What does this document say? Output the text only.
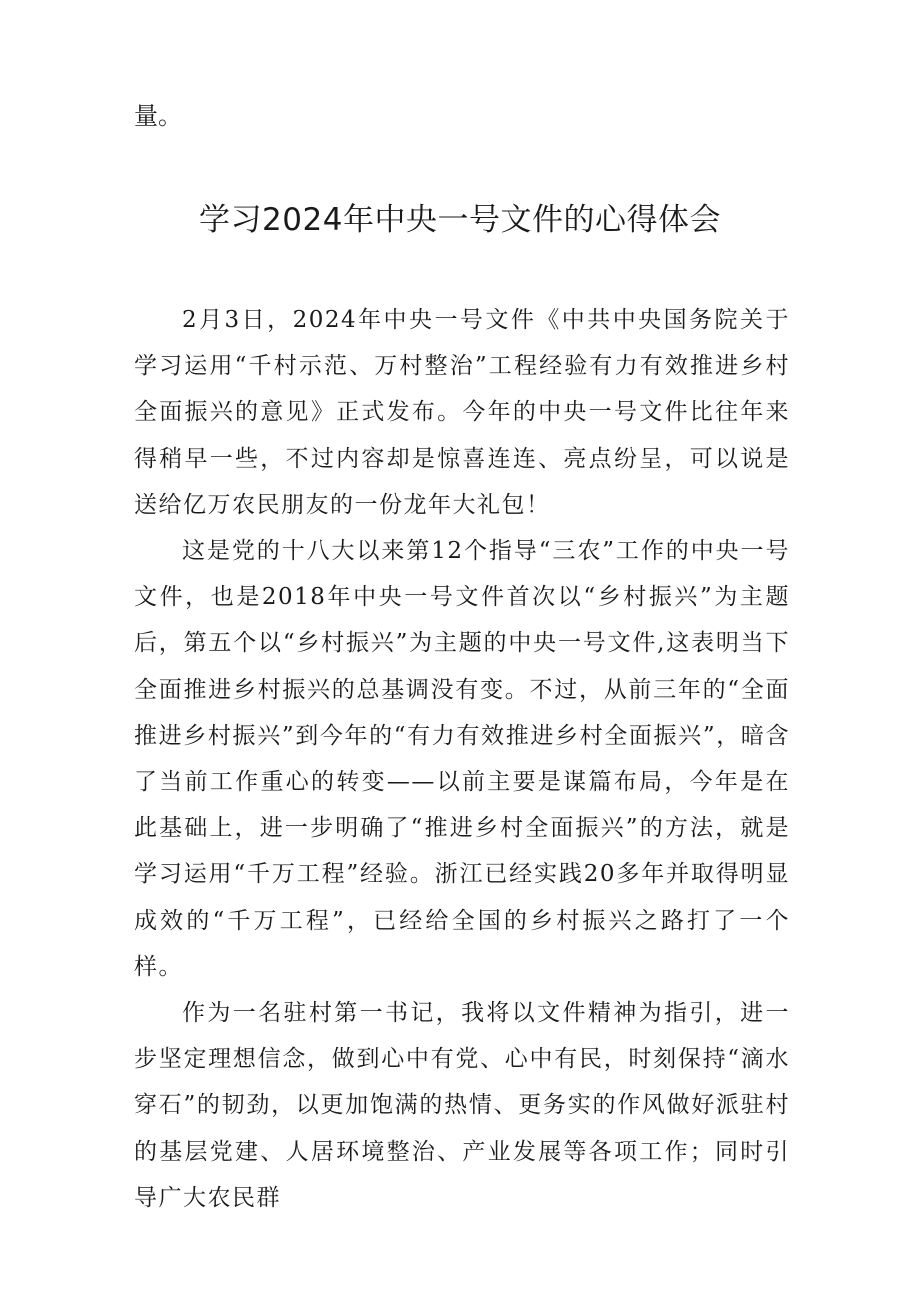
量。

学习2024年中央一号文件的心得体会

2月3日，2024年中央一号文件《中共中央国务院关于学习运用“千村示范、万村整治”工程经验有力有效推进乡村全面振兴的意见》正式发布。今年的中央一号文件比往年来得稍早一些，不过内容却是惊喜连连、亮点纷呈，可以说是送给亿万农民朋友的一份龙年大礼包！

这是党的十八大以来第12个指导“三农”工作的中央一号文件，也是2018年中央一号文件首次以“乡村振兴”为主题后，第五个以“乡村振兴”为主题的中央一号文件,这表明当下全面推进乡村振兴的总基调没有变。不过，从前三年的“全面推进乡村振兴”到今年的“有力有效推进乡村全面振兴”，暗含了当前工作重心的转变——以前主要是谋篇布局，今年是在此基础上，进一步明确了“推进乡村全面振兴”的方法，就是学习运用“千万工程”经验。浙江已经实践20多年并取得明显成效的“千万工程”，已经给全国的乡村振兴之路打了一个样。

作为一名驻村第一书记，我将以文件精神为指引，进一步坚定理想信念，做到心中有党、心中有民，时刻保持“滴水穿石”的韧劲，以更加饱满的热情、更务实的作风做好派驻村的基层党建、人居环境整治、产业发展等各项工作；同时引导广大农民群
